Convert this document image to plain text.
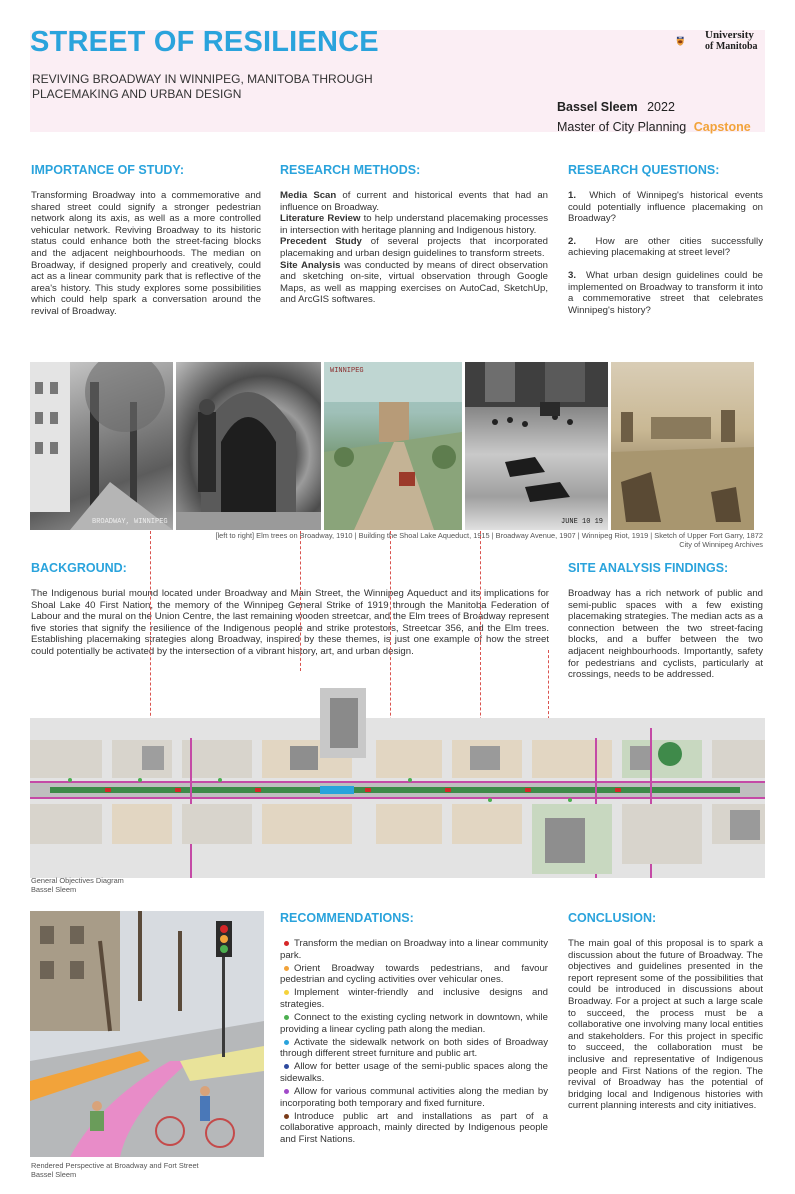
STREET OF RESILIENCE
REVIVING BROADWAY IN WINNIPEG, MANITOBA THROUGH PLACEMAKING AND URBAN DESIGN
Bassel Sleem 2022
Master of City Planning Capstone
University
of Manitoba
IMPORTANCE OF STUDY:
Transforming Broadway into a commemorative and shared street could signify a stronger pedestrian network along its axis, as well as a more controlled vehicular network. Reviving Broadway to its historic status could enhance both the street-facing blocks and the adjacent neighbourhoods. The median on Broadway, if designed properly and creatively, could act as a linear community park that is reflective of the area's history. This study explores some possibilities which could help spark a conversation around the revival of Broadway.
RESEARCH METHODS:

Media Scan of current and historical events that had an influence on Broadway.

Literature Review to help understand placemaking processes in intersection with heritage planning and Indigenous history.

Precedent Study of several projects that incorporated placemaking and urban design guidelines to transform streets.

Site Analysis was conducted by means of direct observation and sketching on-site, virtual observation through Google Maps, as well as mapping exercises on AutoCad, SketchUp, and ArcGIS softwares.

RESEARCH QUESTIONS:

1. Which of Winnipeg's historical events could potentially influence placemaking on Broadway?

2. How are other cities successfully achieving placemaking at street level?

3. What urban design guidelines could be implemented on Broadway to transform it into a commemorative street that celebrates Winnipeg's history?

BROADWAY, WINNIPEG
WINNIPEG
JUNE 10 19
[left to right] Elm trees on Broadway, 1910 | Building the Shoal Lake Aqueduct, 1915 | Broadway Avenue, 1907 | Winnipeg Riot, 1919 | Sketch of Upper Fort Garry, 1872
City of Winnipeg Archives
BACKGROUND:
The Indigenous burial mound located under Broadway and Main Street, the Winnipeg Aqueduct and its implications for Shoal Lake 40 First Nation, the memory of the Winnipeg General Strike of 1919 through the Manitoba Federation of Labour and the mural on the Union Centre, the last remaining wooden streetcar, and the Elm trees of Broadway represent five stories that signify the resilience of the Indigenous people and strike protestors, Streetcar 356, and the Elm trees. Establishing placemaking strategies along Broadway, inspired by these themes, is just one example of how the street could potentially be activated by the intersection of a vibrant history, art, and urban design.
SITE ANALYSIS FINDINGS:
Broadway has a rich network of public and semi-public spaces with a few existing placemaking strategies. The median acts as a connection between the two street-facing blocks, and a buffer between the two adjacent neighbourhoods. Importantly, safety for pedestrians and cyclists, particularly at crossings, needs to be addressed.
General Objectives Diagram
Bassel Sleem
Rendered Perspective at Broadway and Fort Street
Bassel Sleem
RECOMMENDATIONS:
Transform the median on Broadway into a linear community park.
Orient Broadway towards pedestrians, and favour pedestrian and cycling activities over vehicular ones.
Implement winter-friendly and inclusive designs and strategies.
Connect to the existing cycling network in downtown, while providing a linear cycling path along the median.
Activate the sidewalk network on both sides of Broadway through different street furniture and public art.
Allow for better usage of the semi-public spaces along the sidewalks.
Allow for various communal activities along the median by incorporating both temporary and fixed furniture.
Introduce public art and installations as part of a collaborative approach, mainly directed by Indigenous people and First Nations.
CONCLUSION:
The main goal of this proposal is to spark a discussion about the future of Broadway. The objectives and guidelines presented in the report represent some of the possibilities that could be introduced in discussions about Broadway. For a project at such a large scale to succeed, the process must be a collaborative one involving many local entities and stakeholders. For this project in specific to succeed, the collaboration must be inclusive and representative of Indigenous people and First Nations of the region. The revival of Broadway has the potential of bridging local and Indigenous histories with current planning interests and city initiatives.
